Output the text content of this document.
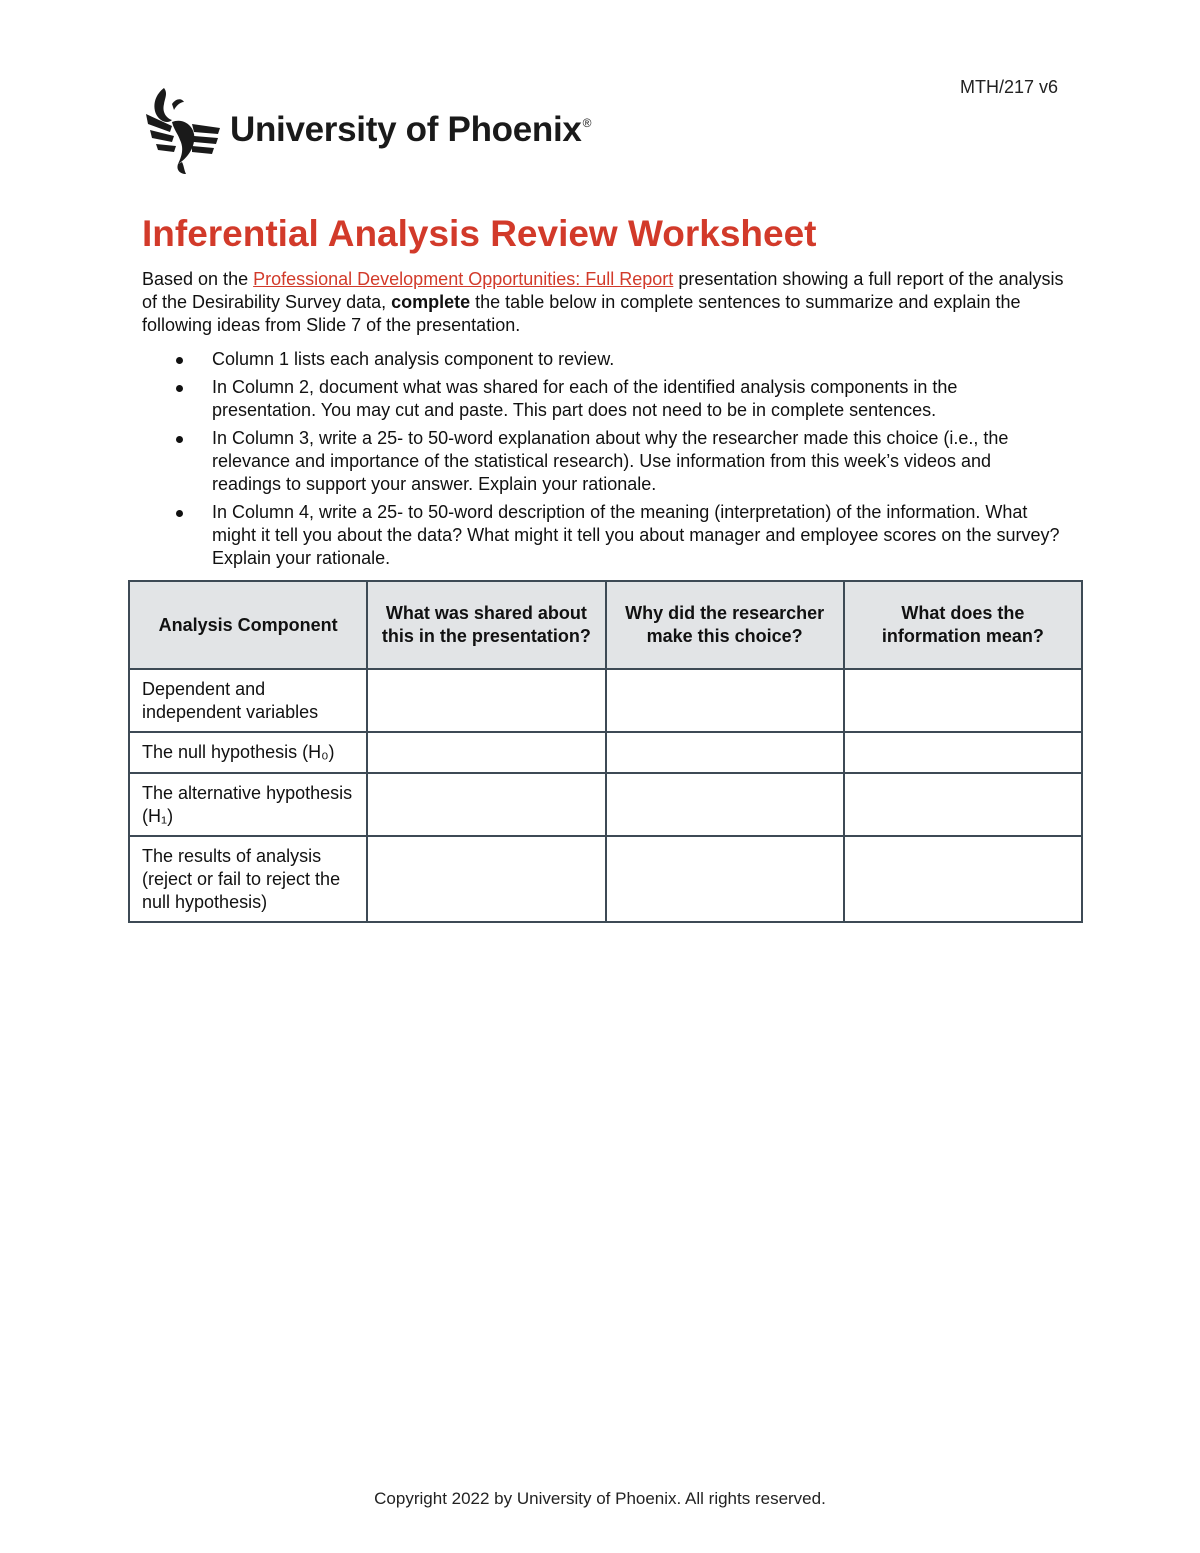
MTH/217 v6
University of Phoenix®
Inferential Analysis Review Worksheet

Based on the Professional Development Opportunities: Full Report presentation showing a full report of the analysis of the Desirability Survey data, complete the table below in complete sentences to summarize and explain the following ideas from Slide 7 of the presentation.

Column 1 lists each analysis component to review.
In Column 2, document what was shared for each of the identified analysis components in the presentation. You may cut and paste. This part does not need to be in complete sentences.
In Column 3, write a 25- to 50-word explanation about why the researcher made this choice (i.e., the relevance and importance of the statistical research). Use information from this week’s videos and readings to support your answer. Explain your rationale.
In Column 4, write a 25- to 50-word description of the meaning (interpretation) of the information. What might it tell you about the data? What might it tell you about manager and employee scores on the survey? Explain your rationale.
Analysis Component	What was shared about this in the presentation?	Why did the researcher make this choice?	What does the information mean?
Dependent and independent variables			
The null hypothesis (H₀)			
The alternative hypothesis (H₁)			
The results of analysis (reject or fail to reject the null hypothesis)			
Copyright 2022 by University of Phoenix. All rights reserved.
